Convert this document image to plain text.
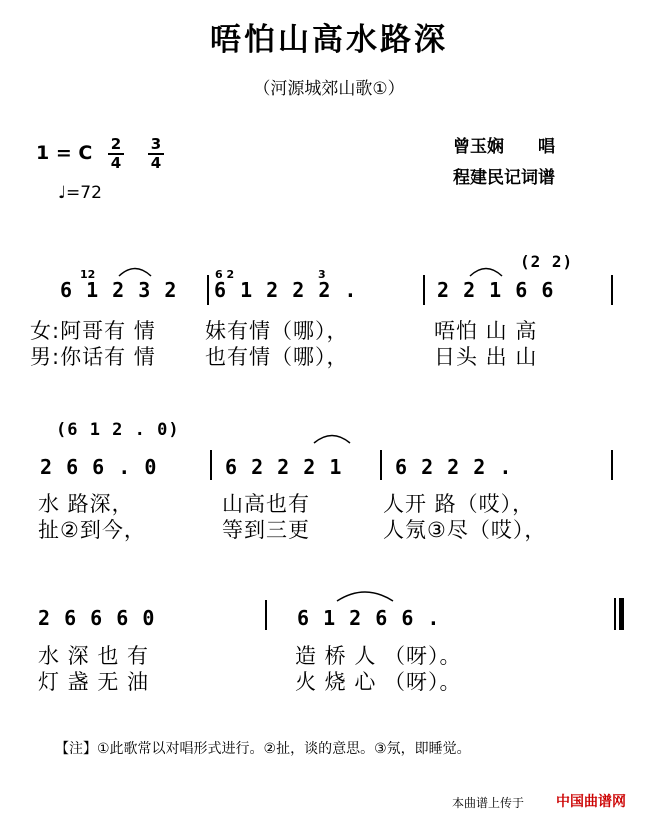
唔怕山高水路深
（河源城郊山歌①）
1 = C 2
4
3
4
♩=72
曾玉娴　　唱
程建民记词谱
12	6 2	3
(2 2)
6 1 2 3 2 6 1 2 2 2 .	2 2 1 6 6
女:阿哥有 情 妹有情（哪），	唔怕 山 高
男:你话有 情 也有情（哪），	日头 出 山
(6 1 2 . 0)
2 6 6 . 0	6 2 2 2 1	6 2 2 2 .
水 路深，	山高也有	人开 路（哎），
扯②到今，	等到三更	人氖③尽（哎），
2 6 6 6 0	6 1 2 6 6 .
水 深 也 有	造 桥 人 （呀）。
灯 盏 无 油	火 烧 心 （呀）。
【注】①此歌常以对唱形式进行。②扯，谈的意思。③氖，即睡觉。
本曲谱上传于 中国曲谱网
